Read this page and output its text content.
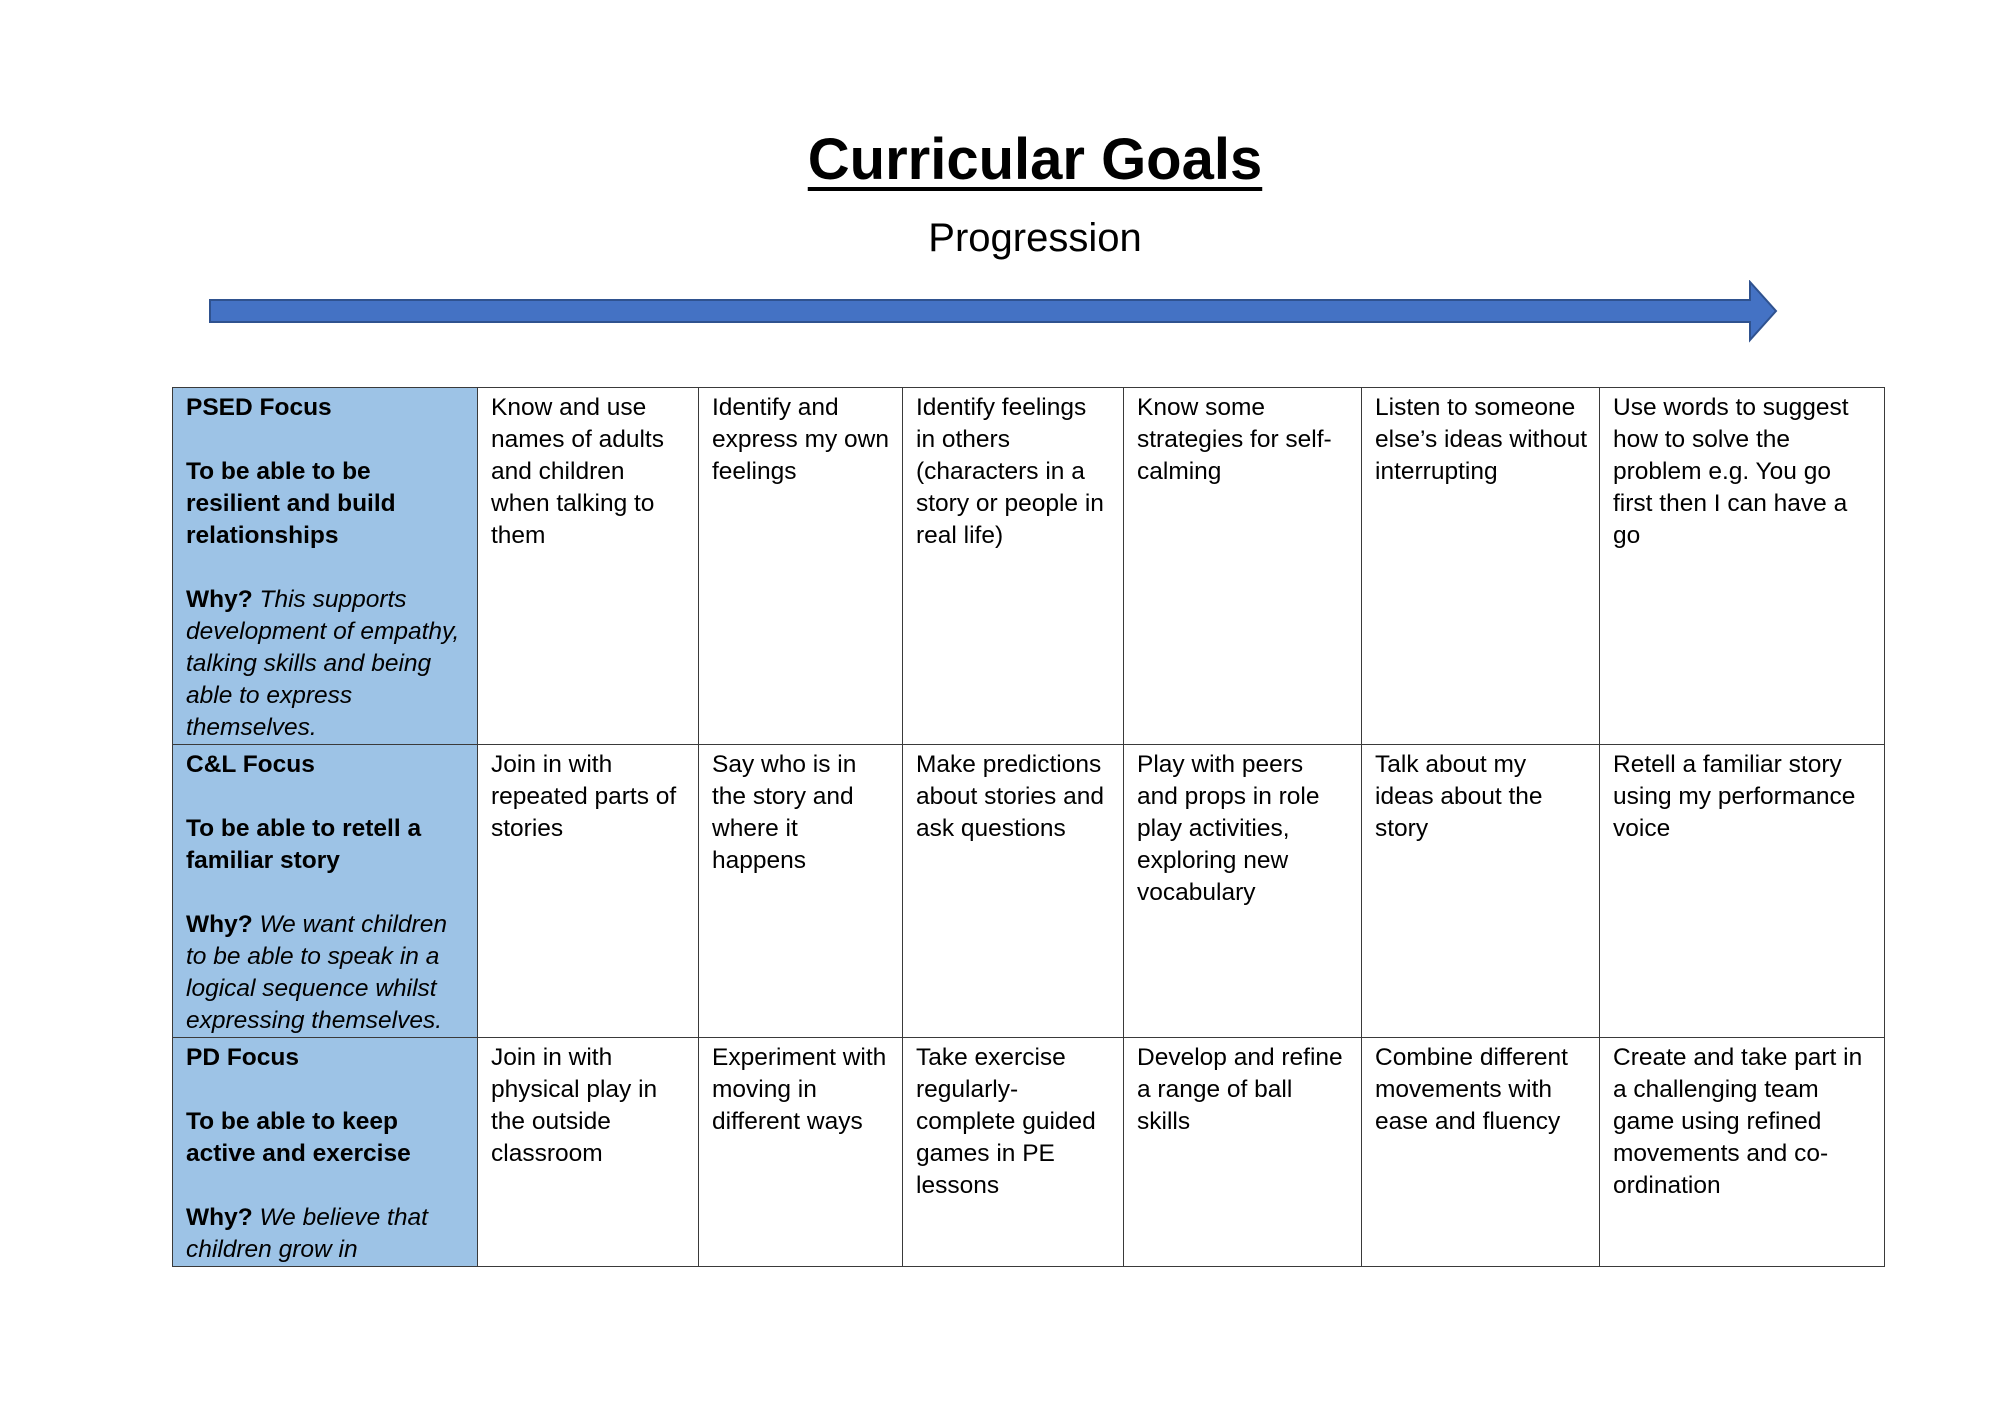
Curricular Goals
Progression
PSED Focus
To be able to be resilient and build relationships
Why? This supports development of empathy, talking skills and being able to express themselves.	Know and use names of adults and children when talking to them	Identify and express my own feelings	Identify feelings in others (characters in a story or people in real life)	Know some strategies for self-calming	Listen to someone else’s ideas without interrupting	Use words to suggest how to solve the problem e.g. You go first then I can have a go

C&L Focus
To be able to retell a familiar story
Why? We want children to be able to speak in a logical sequence whilst expressing themselves.	Join in with repeated parts of stories	Say who is in the story and where it happens	Make predictions about stories and ask questions	Play with peers and props in role play activities, exploring new vocabulary	Talk about my ideas about the story	Retell a familiar story using my performance voice

PD Focus
To be able to keep active and exercise
Why? We believe that children grow in	Join in with physical play in the outside classroom	Experiment with moving in different ways	Take exercise regularly-complete guided games in PE lessons	Develop and refine a range of ball skills	Combine different movements with ease and fluency	Create and take part in a challenging team game using refined movements and co-ordination
